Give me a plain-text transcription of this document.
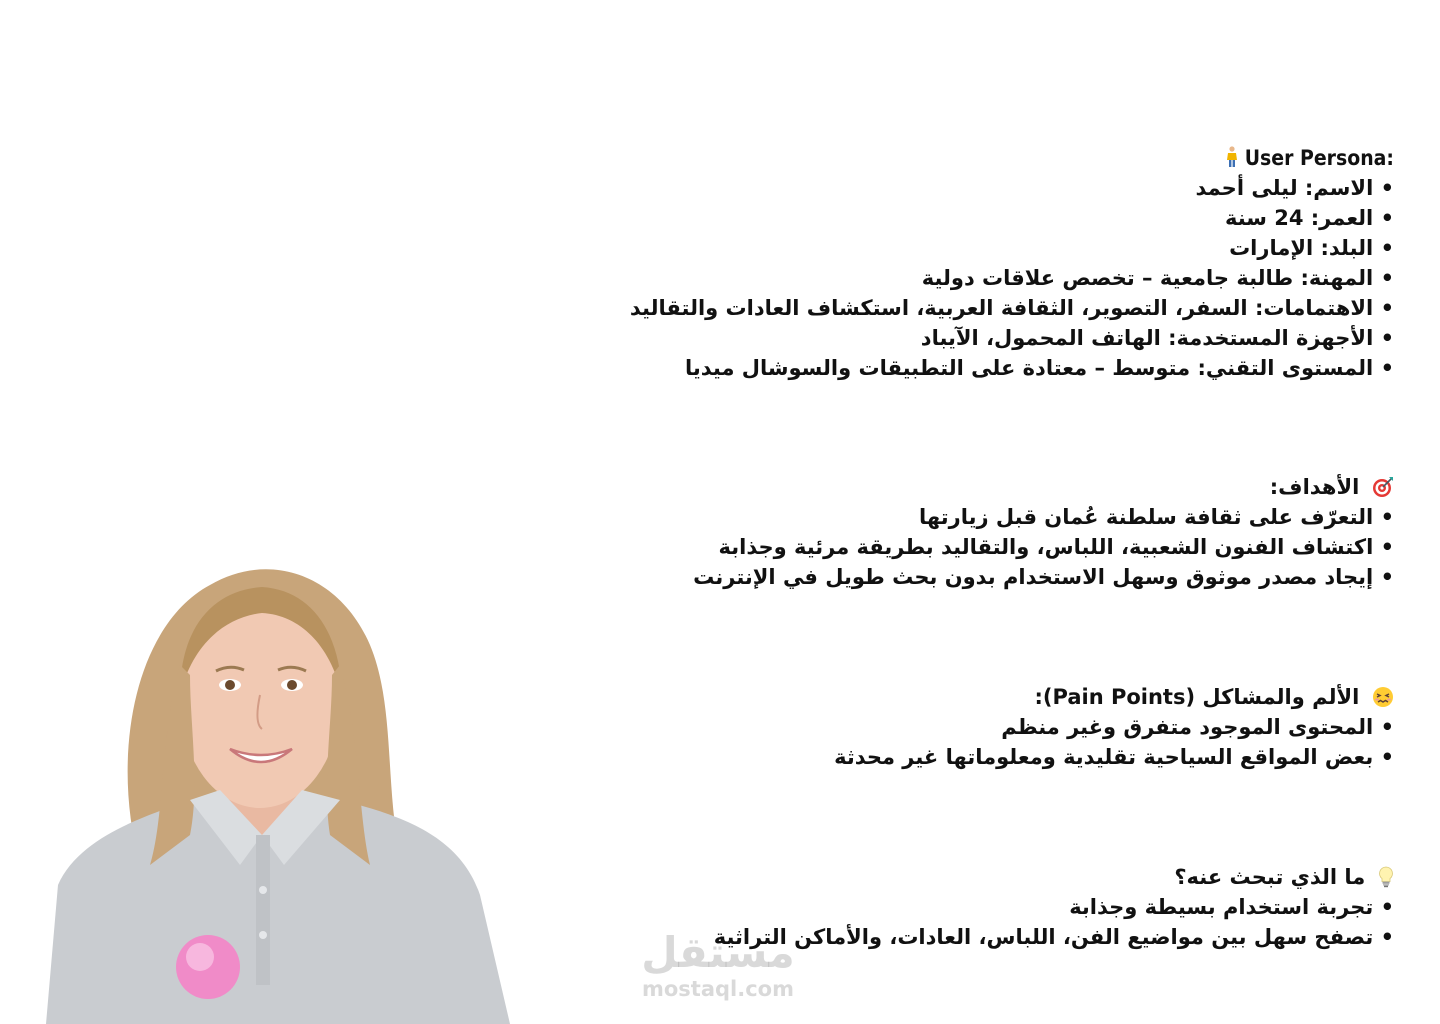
User Persona:
• الاسم: ليلى أحمد
• العمر: 24 سنة
• البلد: الإمارات
• المهنة: طالبة جامعية – تخصص علاقات دولية
• الاهتمامات: السفر، التصوير، الثقافة العربية، استكشاف العادات والتقاليد
• الأجهزة المستخدمة: الهاتف المحمول، الآيباد
• المستوى التقني: متوسط – معتادة على التطبيقات والسوشال ميديا
الأهداف:
• التعرّف على ثقافة سلطنة عُمان قبل زيارتها
• اكتشاف الفنون الشعبية، اللباس، والتقاليد بطريقة مرئية وجذابة
• إيجاد مصدر موثوق وسهل الاستخدام بدون بحث طويل في الإنترنت
الألم والمشاكل (Pain Points):
• المحتوى الموجود متفرق وغير منظم
• بعض المواقع السياحية تقليدية ومعلوماتها غير محدثة
ما الذي تبحث عنه؟
• تجربة استخدام بسيطة وجذابة
• تصفح سهل بين مواضيع الفن، اللباس، العادات، والأماكن التراثية
مستقل
mostaql.com
